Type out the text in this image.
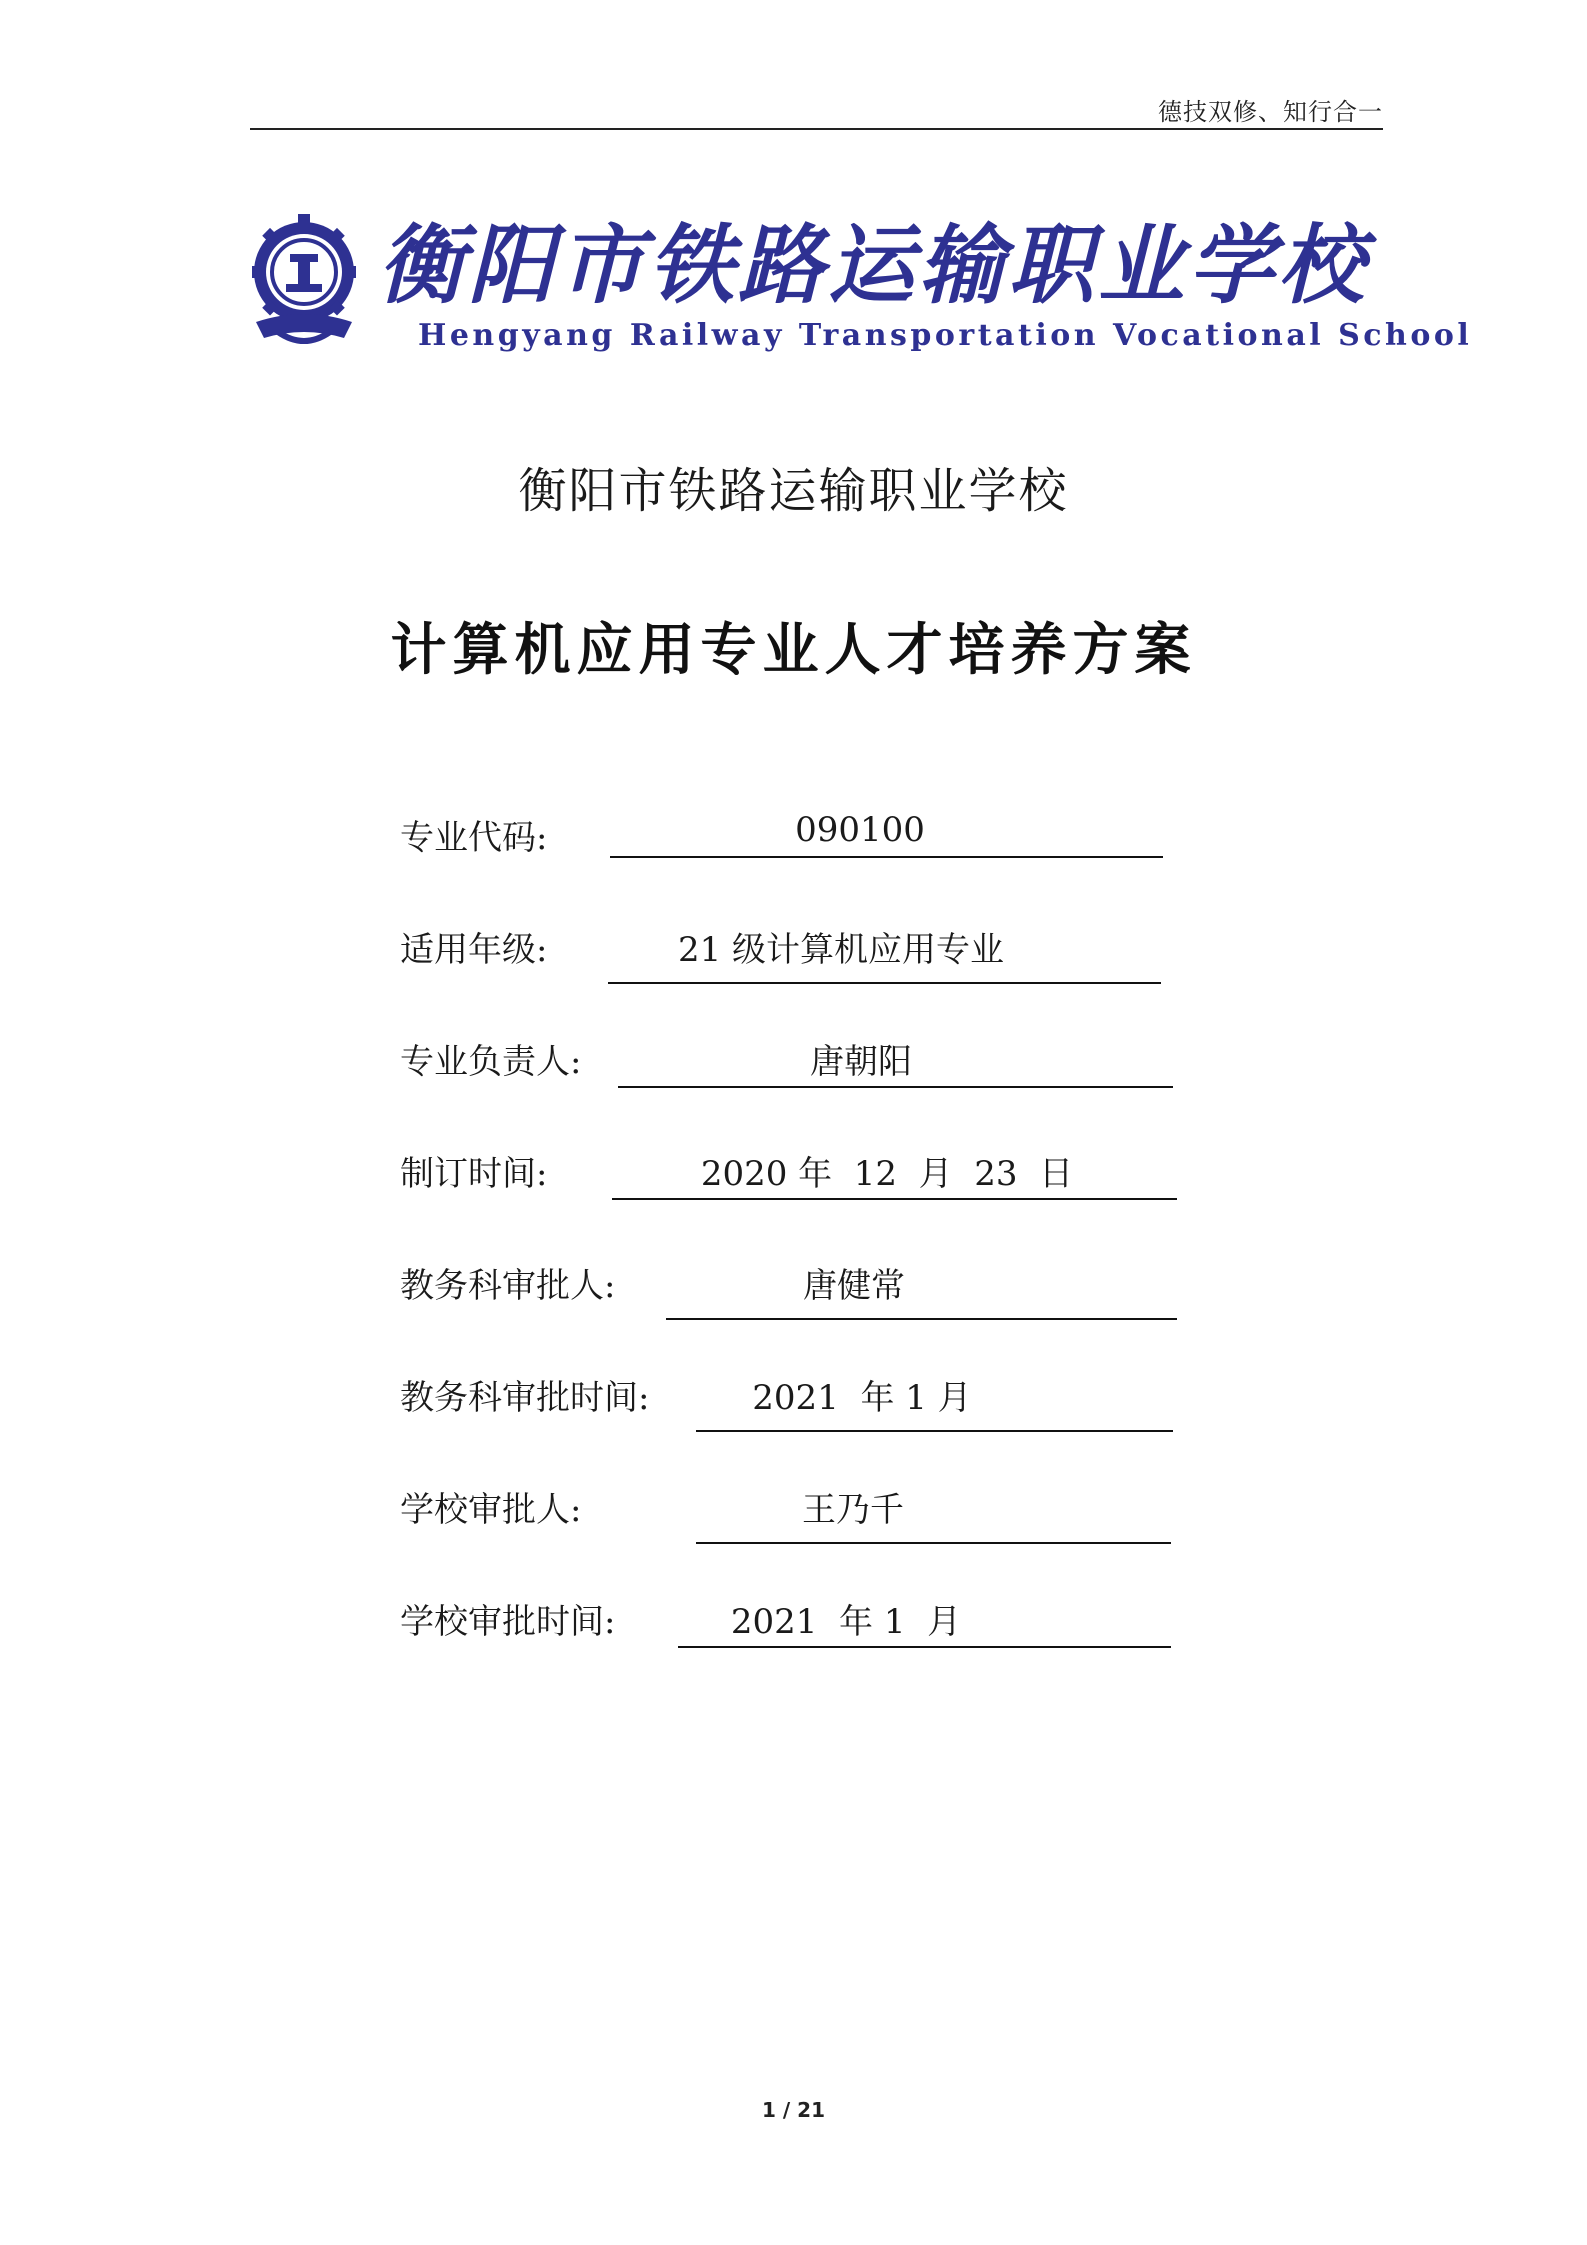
德技双修、知行合一
衡阳市铁路运输职业学校
Hengyang Railway Transportation Vocational School
衡阳市铁路运输职业学校
计算机应用专业人才培养方案
专业代码:	090100
适用年级:	21 级计算机应用专业
专业负责人:	唐朝阳
制订时间:	2020 年  12  月  23  日
教务科审批人:	唐健常
教务科审批时间:	2021  年 1 月
学校审批人:	王乃千
学校审批时间:	2021  年 1  月
1 / 21
